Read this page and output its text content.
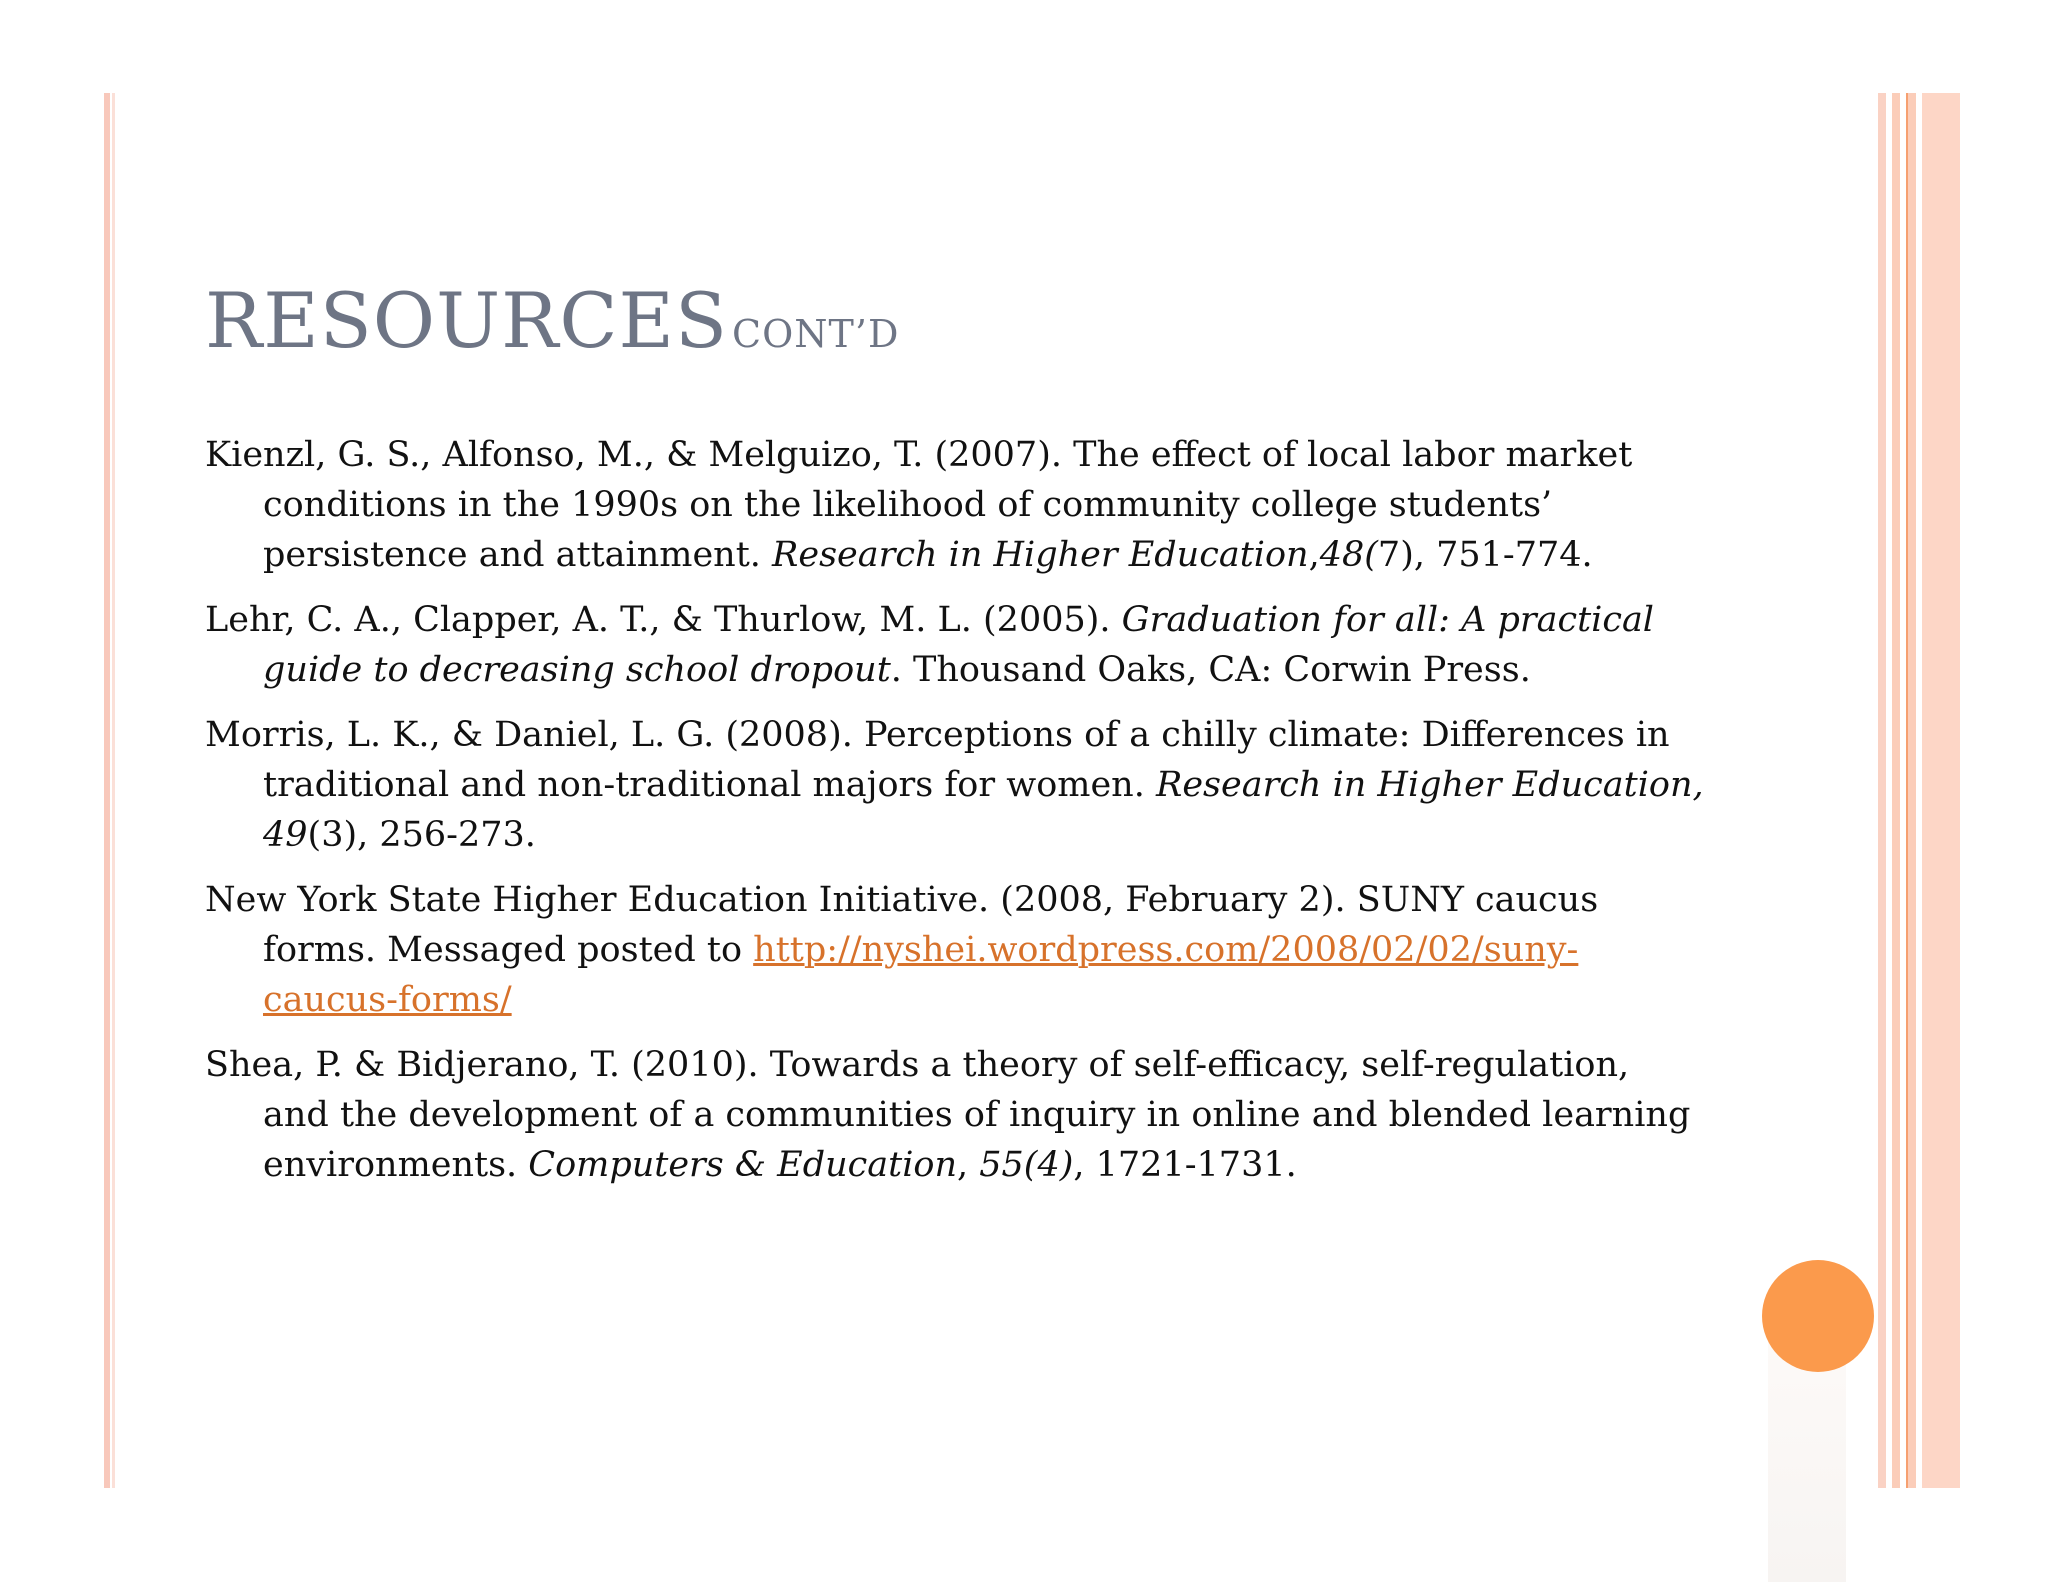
RESOURCES CONT’D

Kienzl, G. S., Alfonso, M., & Melguizo, T. (2007). The effect of local labor market conditions in the 1990s on the likelihood of community college students’ persistence and attainment. Research in Higher Education,48(7), 751-774.

Lehr, C. A., Clapper, A. T., & Thurlow, M. L. (2005). Graduation for all: A practical guide to decreasing school dropout. Thousand Oaks, CA: Corwin Press.

Morris, L. K., & Daniel, L. G. (2008). Perceptions of a chilly climate: Differences in traditional and non-traditional majors for women. Research in Higher Education, 49(3), 256-273.

New York State Higher Education Initiative. (2008, February 2). SUNY caucus forms. Messaged posted to http://nyshei.wordpress.com/2008/02/02/suny-caucus-forms/

Shea, P. & Bidjerano, T. (2010). Towards a theory of self-efficacy, self-regulation, and the development of a communities of inquiry in online and blended learning environments. Computers & Education, 55(4), 1721-1731.
